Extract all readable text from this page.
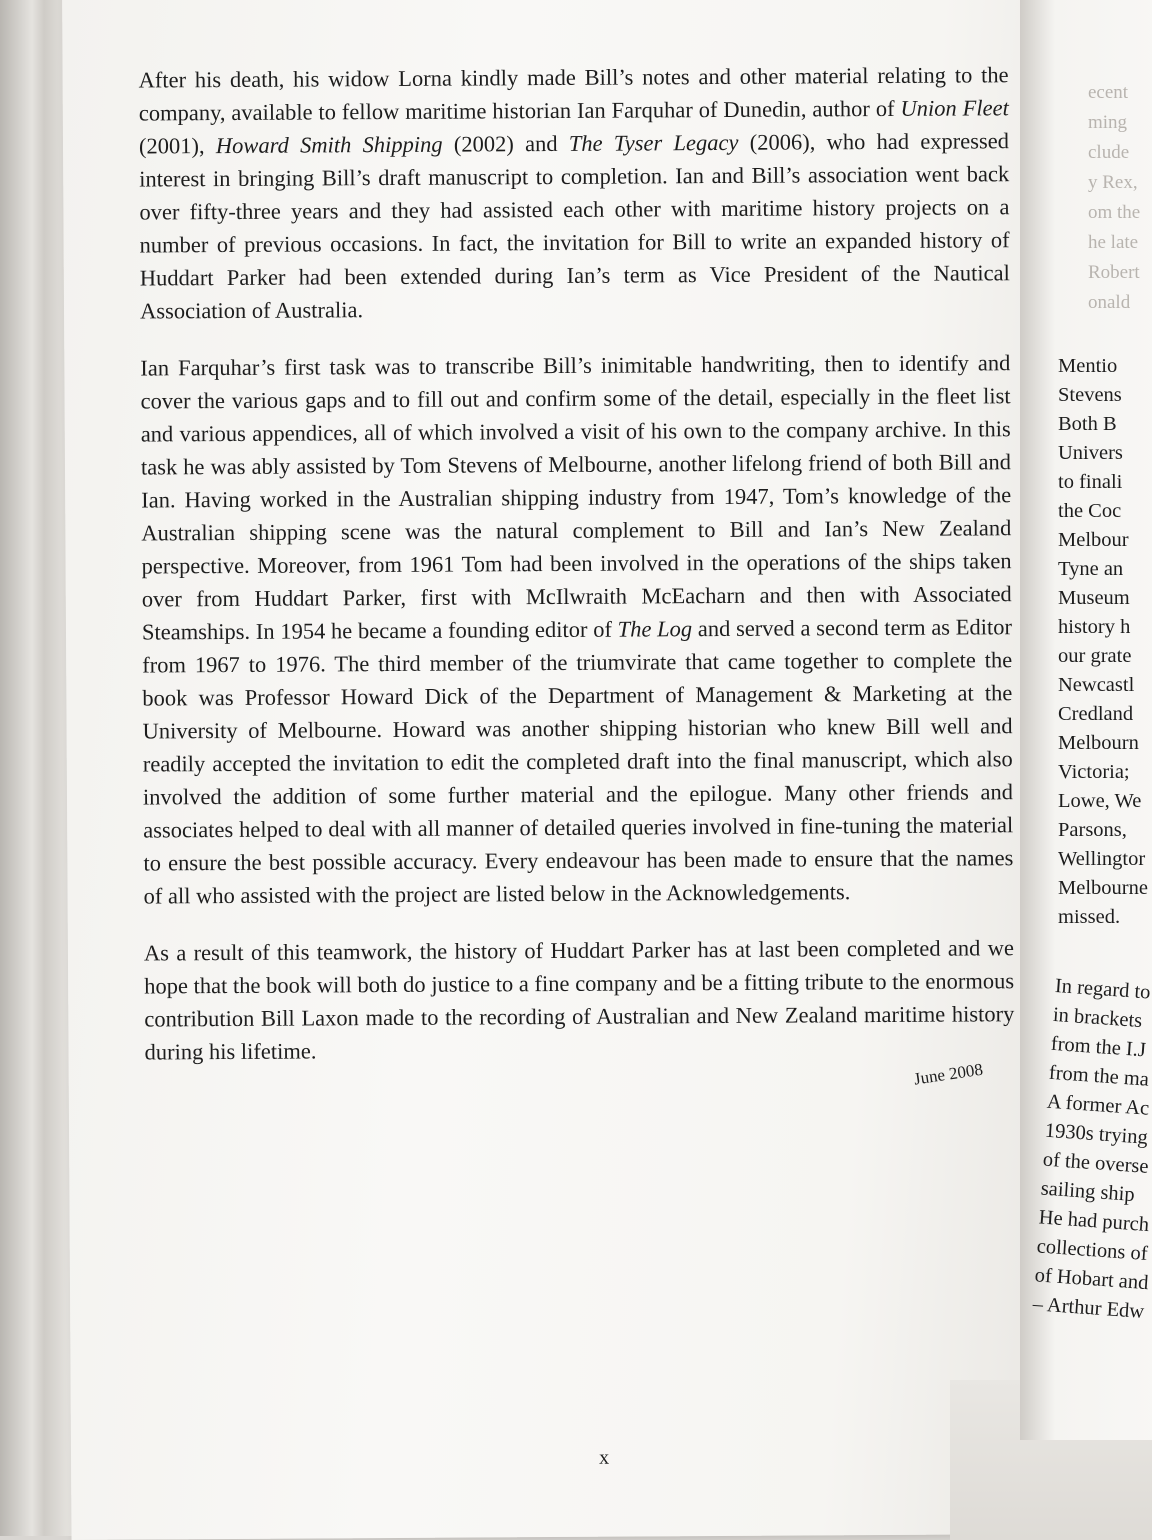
After his death, his widow Lorna kindly made Bill’s notes and other material relating to the company, available to fellow maritime historian Ian Farquhar of Dunedin, author of Union Fleet (2001), Howard Smith Shipping (2002) and The Tyser Legacy (2006), who had expressed interest in bringing Bill’s draft manuscript to completion. Ian and Bill’s association went back over fifty-three years and they had assisted each other with maritime history projects on a number of previous occasions. In fact, the invitation for Bill to write an expanded history of Huddart Parker had been extended during Ian’s term as Vice President of the Nautical Association of Australia.

Ian Farquhar’s first task was to transcribe Bill’s inimitable handwriting, then to identify and cover the various gaps and to fill out and confirm some of the detail, especially in the fleet list and various appendices, all of which involved a visit of his own to the company archive. In this task he was ably assisted by Tom Stevens of Melbourne, another lifelong friend of both Bill and Ian. Having worked in the Australian shipping industry from 1947, Tom’s knowledge of the Australian shipping scene was the natural complement to Bill and Ian’s New Zealand perspective. Moreover, from 1961 Tom had been involved in the operations of the ships taken over from Huddart Parker, first with McIlwraith McEacharn and then with Associated Steamships. In 1954 he became a founding editor of The Log and served a second term as Editor from 1967 to 1976. The third member of the triumvirate that came together to complete the book was Professor Howard Dick of the Department of Management & Marketing at the University of Melbourne. Howard was another shipping historian who knew Bill well and readily accepted the invitation to edit the completed draft into the final manuscript, which also involved the addition of some further material and the epilogue. Many other friends and associates helped to deal with all manner of detailed queries involved in fine-tuning the material to ensure the best possible accuracy. Every endeavour has been made to ensure that the names of all who assisted with the project are listed below in the Acknowledgements.

As a result of this teamwork, the history of Huddart Parker has at last been completed and we hope that the book will both do justice to a fine company and be a fitting tribute to the enormous contribution Bill Laxon made to the recording of Australian and New Zealand maritime history during his lifetime.

June 2008
x
ecent
ming
clude
y Rex,
om the
he late
Robert
onald
Mentio
Stevens
Both B
Univers
to finali
the Coc
Melbour
Tyne an
Museum
history h
our grate
Newcastl
Credland
Melbourn
Victoria;
Lowe, We
Parsons,
Wellingtor
Melbourne
missed.
In regard to
in brackets
from the I.J
from the ma
A former Ac
1930s trying
of the overse
sailing ship
He had purch
collections of
of Hobart and
– Arthur Edw
